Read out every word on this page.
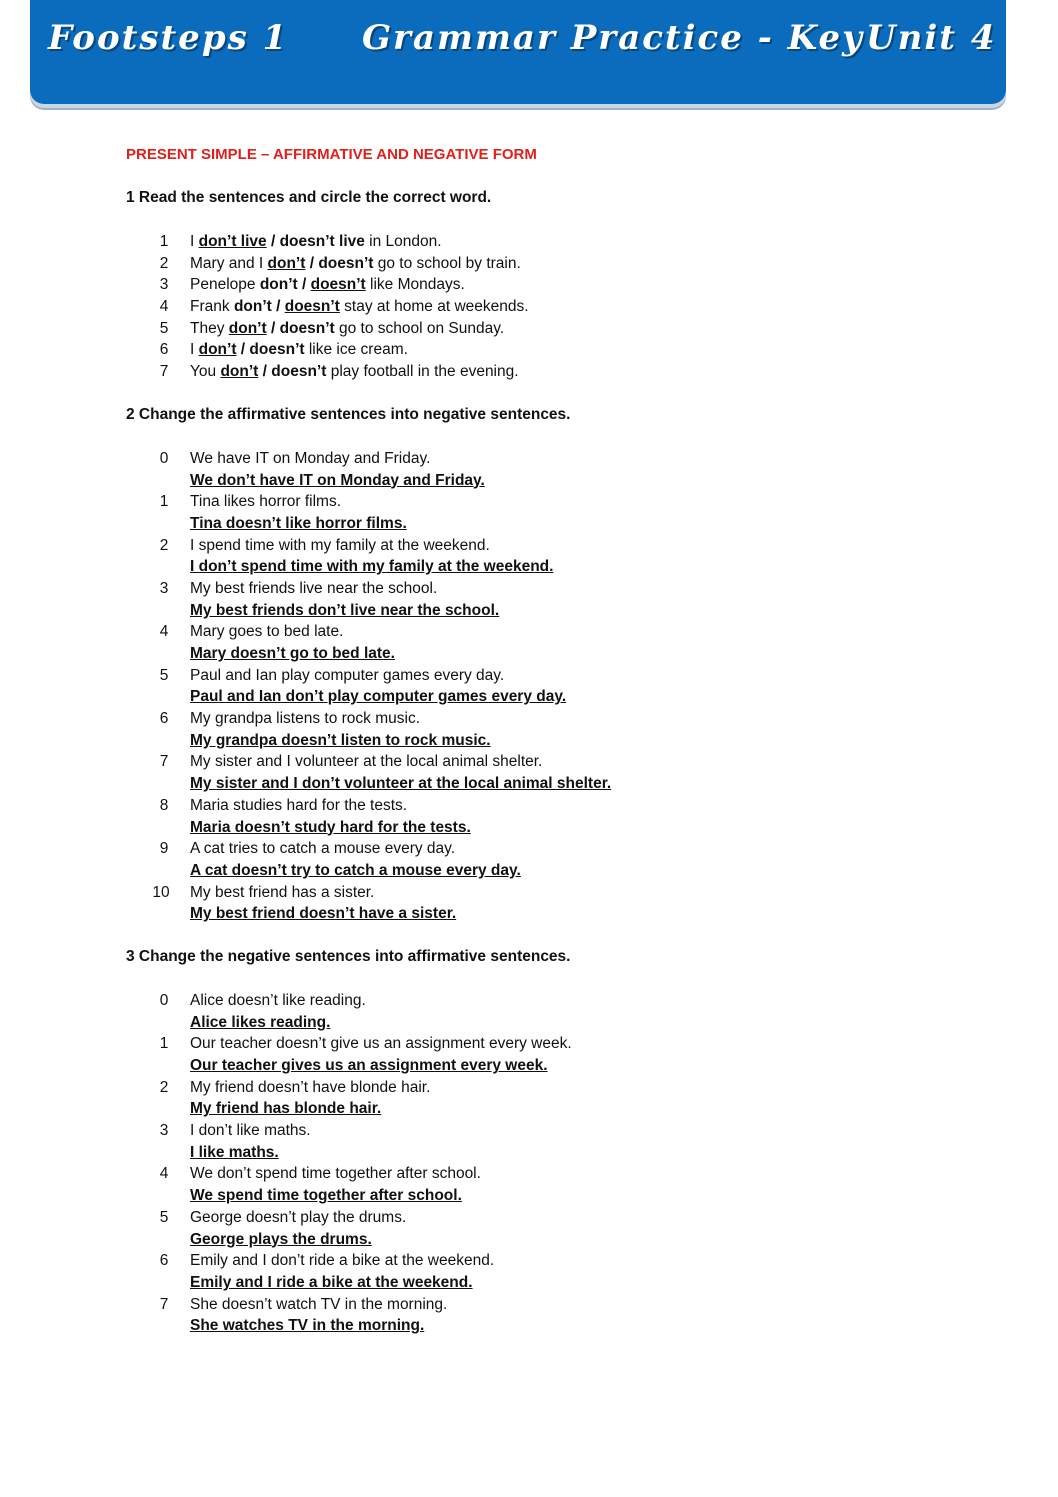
Footsteps 1 Grammar Practice - Key Unit 4
PRESENT SIMPLE – AFFIRMATIVE AND NEGATIVE FORM
1 Read the sentences and circle the correct word.
1 I don’t live / doesn’t live in London.
2 Mary and I don’t / doesn’t go to school by train.
3 Penelope don’t / doesn’t like Mondays.
4 Frank don’t / doesn’t stay at home at weekends.
5 They don’t / doesn’t go to school on Sunday.
6 I don’t / doesn’t like ice cream.
7 You don’t / doesn’t play football in the evening.
2 Change the affirmative sentences into negative sentences.
0 We have IT on Monday and Friday.
We don’t have IT on Monday and Friday.
1 Tina likes horror films.
Tina doesn’t like horror films.
2 I spend time with my family at the weekend.
I don’t spend time with my family at the weekend.
3 My best friends live near the school.
My best friends don’t live near the school.
4 Mary goes to bed late.
Mary doesn’t go to bed late.
5 Paul and Ian play computer games every day.
Paul and Ian don’t play computer games every day.
6 My grandpa listens to rock music.
My grandpa doesn’t listen to rock music.
7 My sister and I volunteer at the local animal shelter.
My sister and I don’t volunteer at the local animal shelter.
8 Maria studies hard for the tests.
Maria doesn’t study hard for the tests.
9 A cat tries to catch a mouse every day.
A cat doesn’t try to catch a mouse every day.
10 My best friend has a sister.
My best friend doesn’t have a sister.
3 Change the negative sentences into affirmative sentences.
0 Alice doesn’t like reading.
Alice likes reading.
1 Our teacher doesn’t give us an assignment every week.
Our teacher gives us an assignment every week.
2 My friend doesn’t have blonde hair.
My friend has blonde hair.
3 I don’t like maths.
I like maths.
4 We don’t spend time together after school.
We spend time together after school.
5 George doesn’t play the drums.
George plays the drums.
6 Emily and I don’t ride a bike at the weekend.
Emily and I ride a bike at the weekend.
7 She doesn’t watch TV in the morning.
She watches TV in the morning.
